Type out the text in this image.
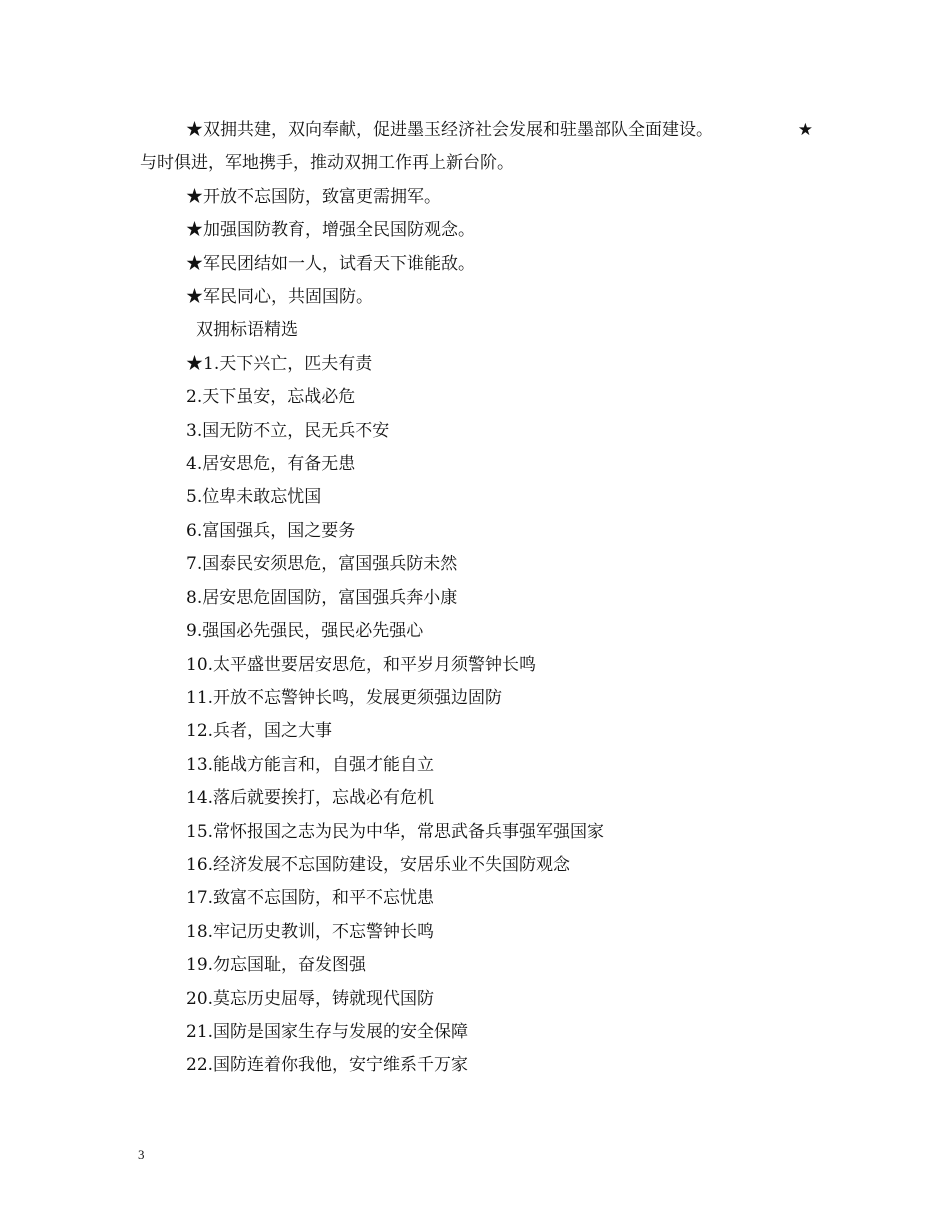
★双拥共建，双向奉献，促进墨玉经济社会发展和驻墨部队全面建设。	★

与时俱进，军地携手，推动双拥工作再上新台阶。

★开放不忘国防，致富更需拥军。

★加强国防教育，增强全民国防观念。

★军民团结如一人，试看天下谁能敌。

★军民同心，共固国防。

双拥标语精选

★1.天下兴亡，匹夫有责

2.天下虽安，忘战必危

3.国无防不立，民无兵不安

4.居安思危，有备无患

5.位卑未敢忘忧国

6.富国强兵，国之要务

7.国泰民安须思危，富国强兵防未然

8.居安思危固国防，富国强兵奔小康

9.强国必先强民，强民必先强心

10.太平盛世要居安思危，和平岁月须警钟长鸣

11.开放不忘警钟长鸣，发展更须强边固防

12.兵者，国之大事

13.能战方能言和，自强才能自立

14.落后就要挨打，忘战必有危机

15.常怀报国之志为民为中华，常思武备兵事强军强国家

16.经济发展不忘国防建设，安居乐业不失国防观念

17.致富不忘国防，和平不忘忧患

18.牢记历史教训，不忘警钟长鸣

19.勿忘国耻，奋发图强

20.莫忘历史屈辱，铸就现代国防

21.国防是国家生存与发展的安全保障

22.国防连着你我他，安宁维系千万家

3
